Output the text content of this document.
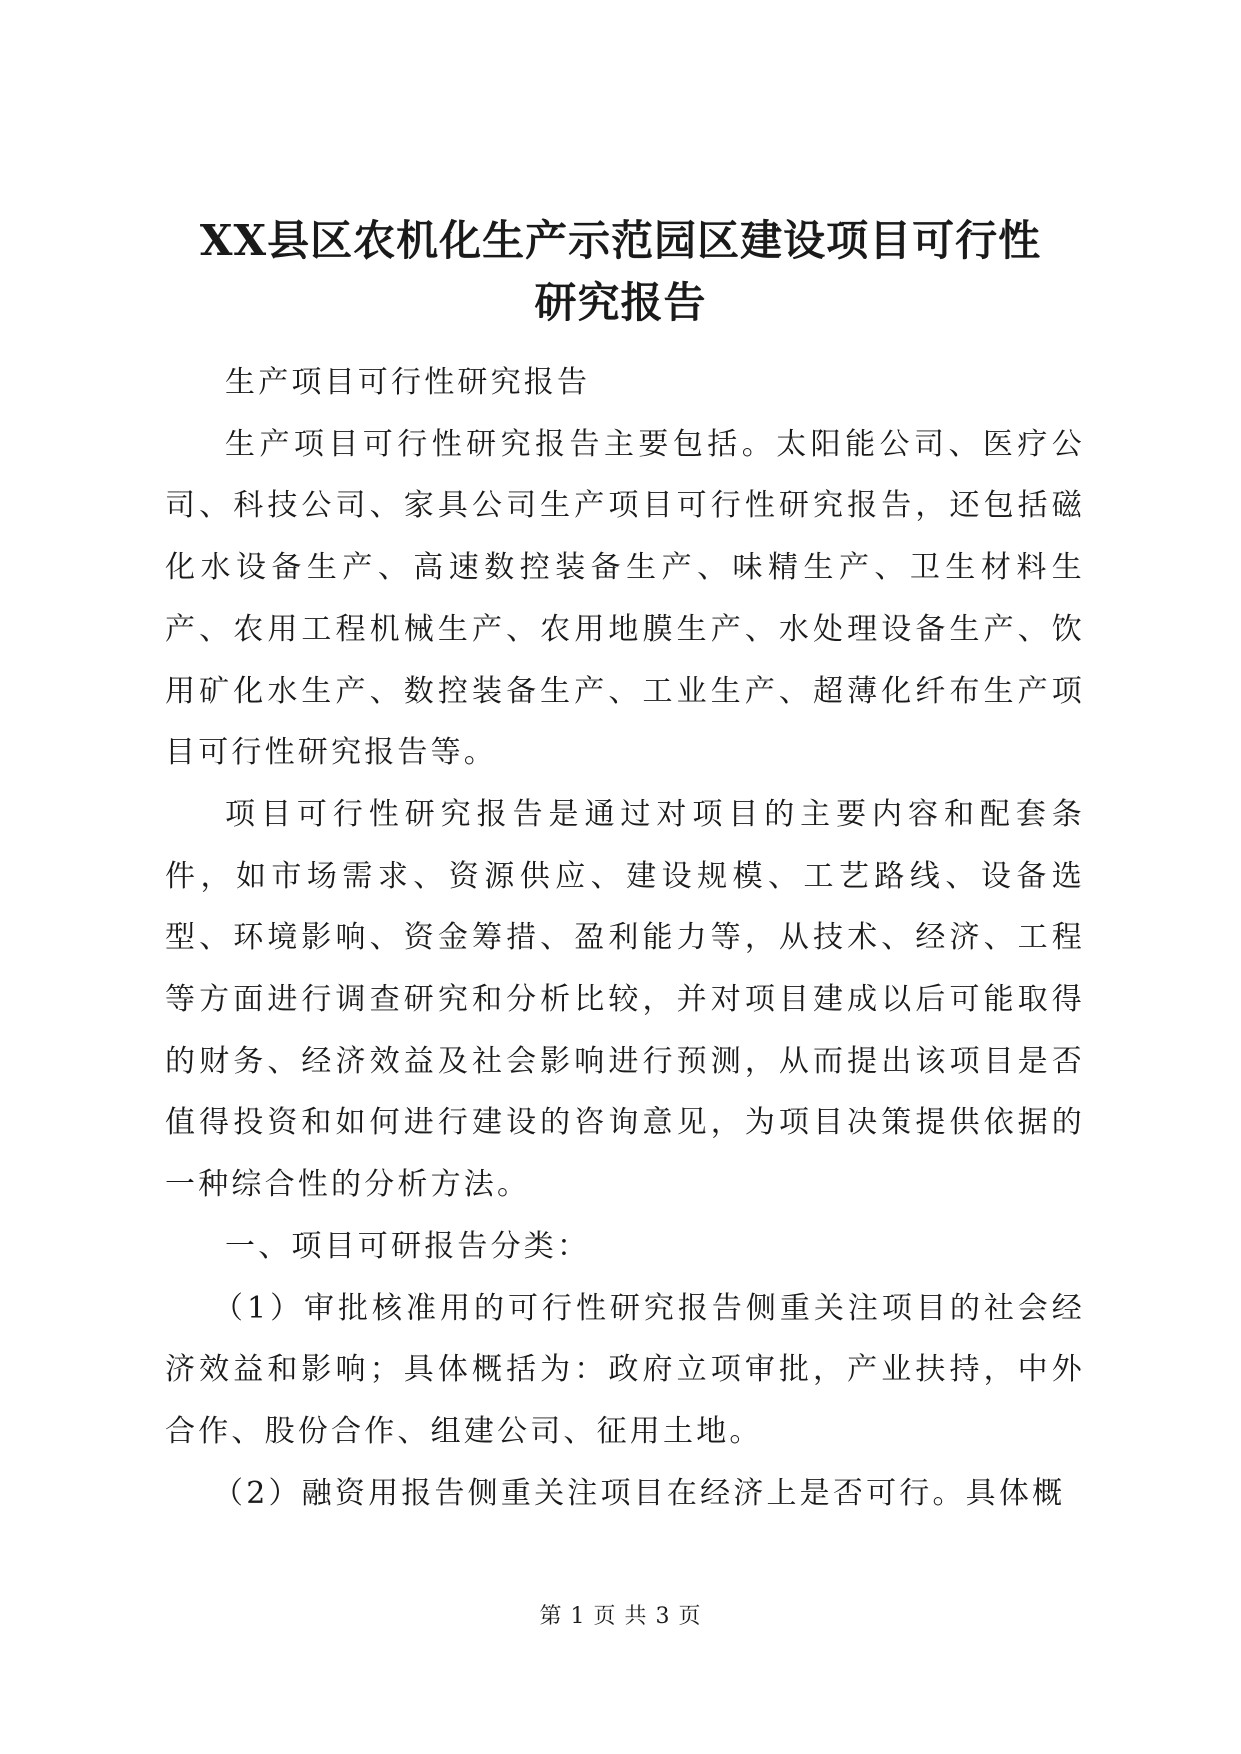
XX县区农机化生产示范园区建设项目可行性
研究报告

生产项目可行性研究报告

生产项目可行性研究报告主要包括。太阳能公司、医疗公司、科技公司、家具公司生产项目可行性研究报告，还包括磁化水设备生产、高速数控装备生产、味精生产、卫生材料生产、农用工程机械生产、农用地膜生产、水处理设备生产、饮用矿化水生产、数控装备生产、工业生产、超薄化纤布生产项目可行性研究报告等。

项目可行性研究报告是通过对项目的主要内容和配套条件，如市场需求、资源供应、建设规模、工艺路线、设备选型、环境影响、资金筹措、盈利能力等，从技术、经济、工程等方面进行调查研究和分析比较，并对项目建成以后可能取得的财务、经济效益及社会影响进行预测，从而提出该项目是否值得投资和如何进行建设的咨询意见，为项目决策提供依据的一种综合性的分析方法。

一、项目可研报告分类：

（1）审批核准用的可行性研究报告侧重关注项目的社会经济效益和影响；具体概括为：政府立项审批，产业扶持，中外合作、股份合作、组建公司、征用土地。

（2）融资用报告侧重关注项目在经济上是否可行。具体概

第 1 页 共 3 页
